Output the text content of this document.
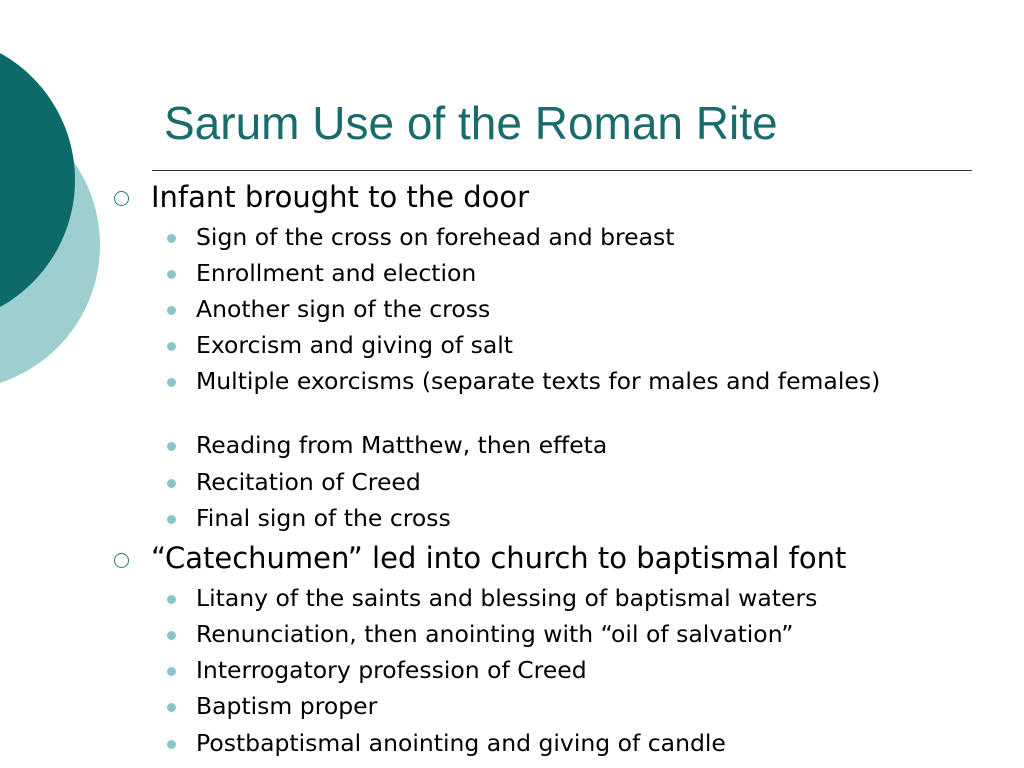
Sarum Use of the Roman Rite
Infant brought to the door
Sign of the cross on forehead and breast
Enrollment and election
Another sign of the cross
Exorcism and giving of salt
Multiple exorcisms (separate texts for males and females)
Reading from Matthew, then effeta
Recitation of Creed
Final sign of the cross
“Catechumen” led into church to baptismal font
Litany of the saints and blessing of baptismal waters
Renunciation, then anointing with “oil of salvation”
Interrogatory profession of Creed
Baptism proper
Postbaptismal anointing and giving of candle
